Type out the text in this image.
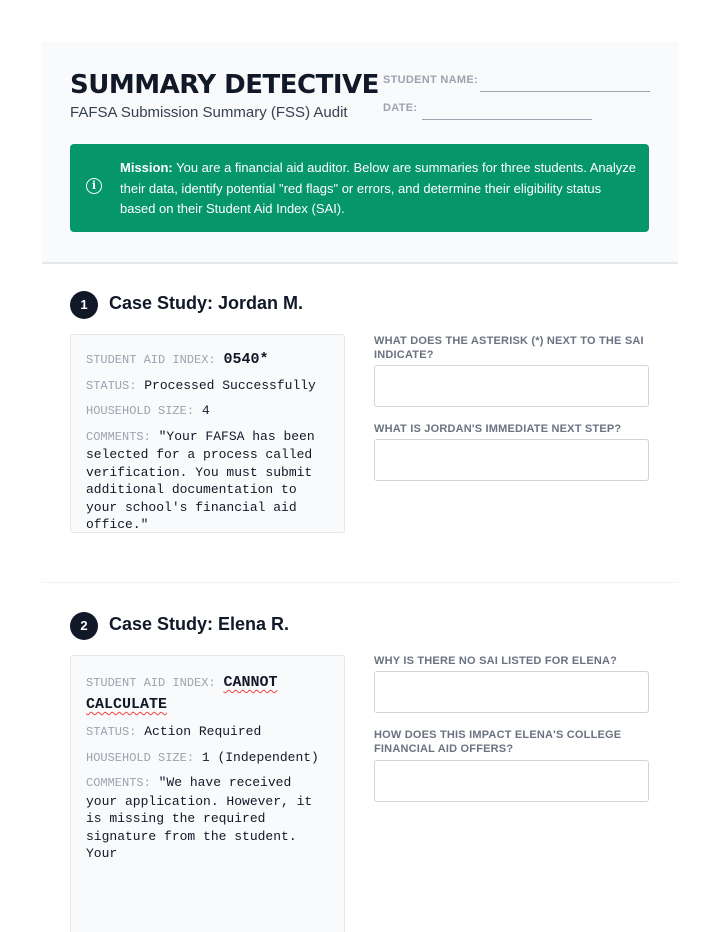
SUMMARY DETECTIVE
FAFSA Submission Summary (FSS) Audit
STUDENT NAME:
DATE:
i
Mission: You are a financial aid auditor. Below are summaries for three students. Analyze their data, identify potential "red flags" or errors, and determine their eligibility status based on their Student Aid Index (SAI).
1	Case Study: Jordan M.
STUDENT AID INDEX: 0540*
STATUS: Processed Successfully
HOUSEHOLD SIZE: 4
COMMENTS: "Your FAFSA has been selected for a process called verification. You must submit additional documentation to your school's financial aid office."
WHAT DOES THE ASTERISK (*) NEXT TO THE SAI INDICATE?
WHAT IS JORDAN'S IMMEDIATE NEXT STEP?
2	Case Study: Elena R.
STUDENT AID INDEX: CANNOT CALCULATE
STATUS: Action Required
HOUSEHOLD SIZE: 1 (Independent)
COMMENTS: "We have received your application. However, it is missing the required signature from the student. Your
WHY IS THERE NO SAI LISTED FOR ELENA?
HOW DOES THIS IMPACT ELENA'S COLLEGE FINANCIAL AID OFFERS?
